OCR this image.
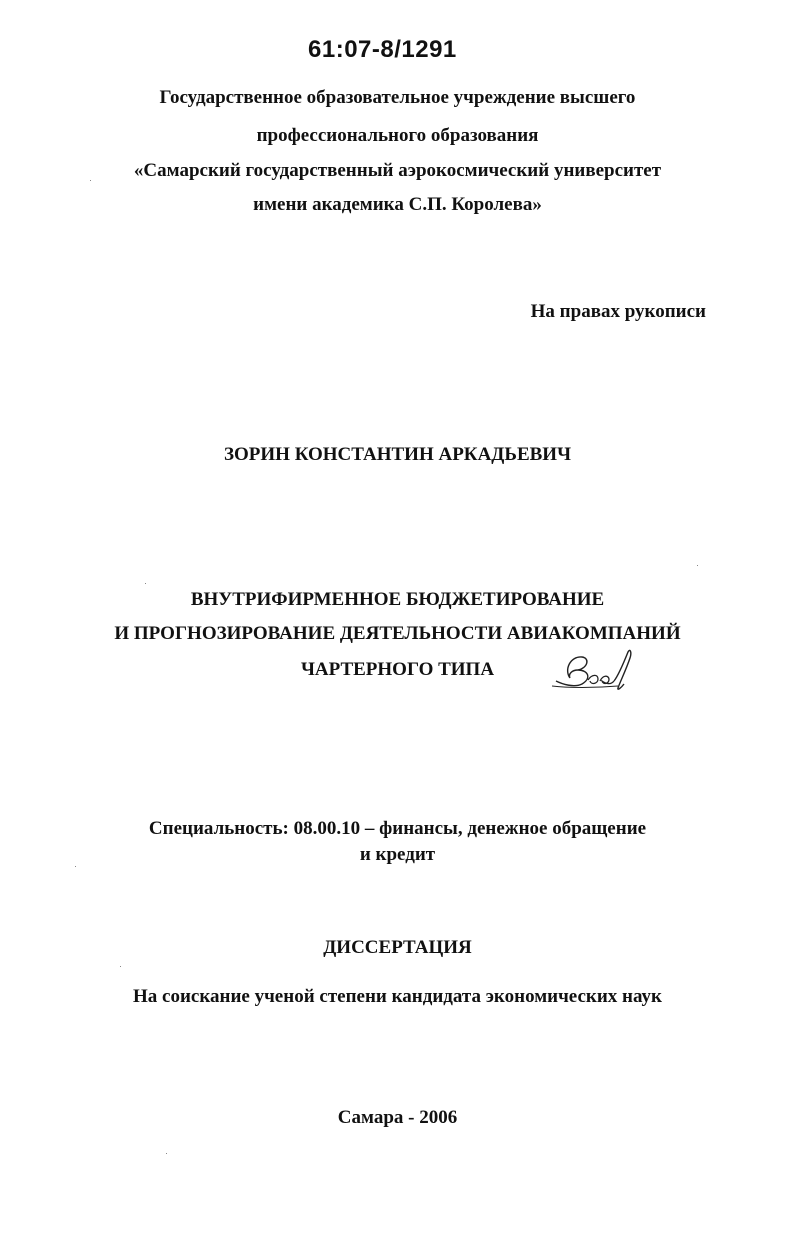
61:07-8/1291
Государственное образовательное учреждение высшего
профессионального образования
«Самарский государственный аэрокосмический университет
имени академика С.П. Королева»
На правах рукописи
ЗОРИН КОНСТАНТИН АРКАДЬЕВИЧ
ВНУТРИФИРМЕННОЕ БЮДЖЕТИРОВАНИЕ
И ПРОГНОЗИРОВАНИЕ ДЕЯТЕЛЬНОСТИ АВИАКОМПАНИЙ
ЧАРТЕРНОГО ТИПА
Специальность: 08.00.10 – финансы, денежное обращение
и кредит
ДИССЕРТАЦИЯ
На соискание ученой степени кандидата экономических наук
Самара - 2006
